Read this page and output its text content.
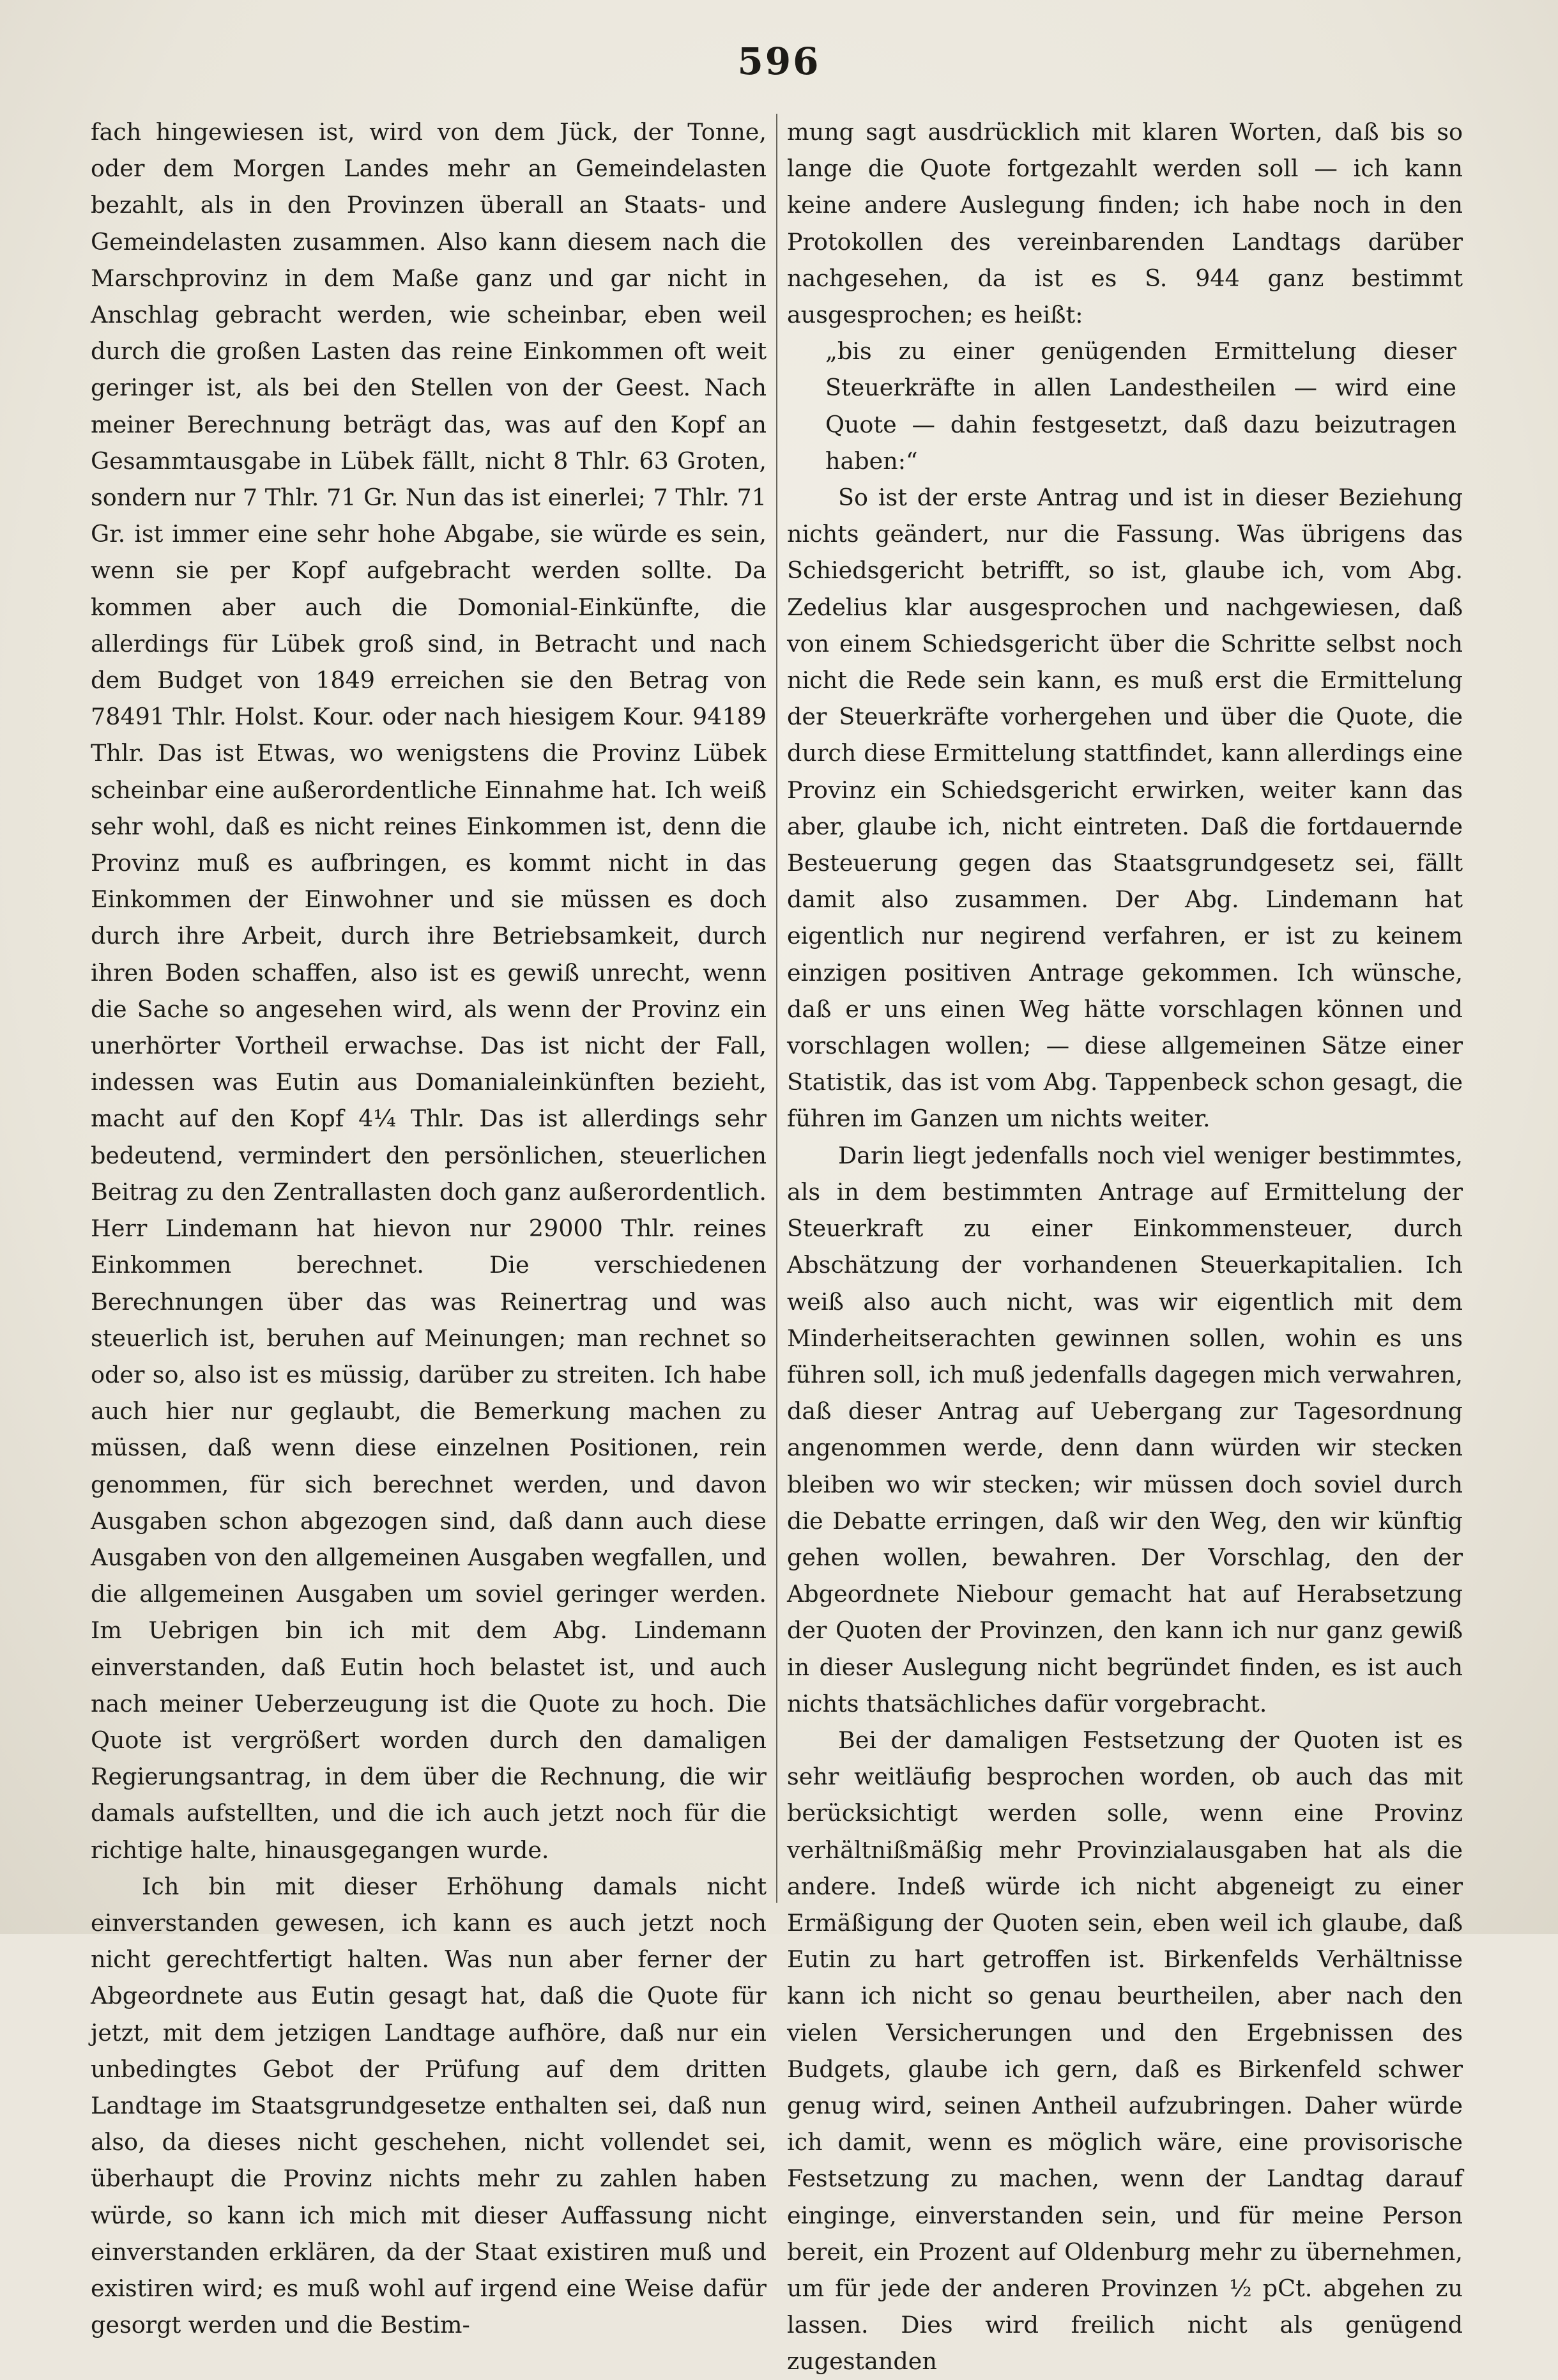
596

fach hingewiesen ist, wird von dem Jück, der Tonne, oder dem Morgen Landes mehr an Gemeindelasten bezahlt, als in den Provinzen überall an Staats- und Gemeindelasten zusammen. Also kann diesem nach die Marschprovinz in dem Maße ganz und gar nicht in Anschlag gebracht werden, wie scheinbar, eben weil durch die großen Lasten das reine Einkommen oft weit geringer ist, als bei den Stellen von der Geest. Nach meiner Berechnung beträgt das, was auf den Kopf an Gesammtausgabe in Lübek fällt, nicht 8 Thlr. 63 Groten, sondern nur 7 Thlr. 71 Gr. Nun das ist einerlei; 7 Thlr. 71 Gr. ist immer eine sehr hohe Abgabe, sie würde es sein, wenn sie per Kopf aufgebracht werden sollte. Da kommen aber auch die Domonial-Einkünfte, die allerdings für Lübek groß sind, in Betracht und nach dem Budget von 1849 erreichen sie den Betrag von 78491 Thlr. Holst. Kour. oder nach hiesigem Kour. 94189 Thlr. Das ist Etwas, wo wenigstens die Provinz Lübek scheinbar eine außerordentliche Einnahme hat. Ich weiß sehr wohl, daß es nicht reines Einkommen ist, denn die Provinz muß es aufbringen, es kommt nicht in das Einkommen der Einwohner und sie müssen es doch durch ihre Arbeit, durch ihre Betriebsamkeit, durch ihren Boden schaffen, also ist es gewiß unrecht, wenn die Sache so angesehen wird, als wenn der Provinz ein unerhörter Vortheil erwachse. Das ist nicht der Fall, indessen was Eutin aus Domanialeinkünften bezieht, macht auf den Kopf 4¼ Thlr. Das ist allerdings sehr bedeutend, vermindert den persönlichen, steuerlichen Beitrag zu den Zentrallasten doch ganz außerordentlich. Herr Lindemann hat hievon nur 29000 Thlr. reines Einkommen berechnet. Die verschiedenen Berechnungen über das was Reinertrag und was steuerlich ist, beruhen auf Meinungen; man rechnet so oder so, also ist es müssig, darüber zu streiten. Ich habe auch hier nur geglaubt, die Bemerkung machen zu müssen, daß wenn diese einzelnen Positionen, rein genommen, für sich berechnet werden, und davon Ausgaben schon abgezogen sind, daß dann auch diese Ausgaben von den allgemeinen Ausgaben wegfallen, und die allgemeinen Ausgaben um soviel geringer werden. Im Uebrigen bin ich mit dem Abg. Lindemann einverstanden, daß Eutin hoch belastet ist, und auch nach meiner Ueberzeugung ist die Quote zu hoch. Die Quote ist vergrößert worden durch den damaligen Regierungsantrag, in dem über die Rechnung, die wir damals aufstellten, und die ich auch jetzt noch für die richtige halte, hinausgegangen wurde.

Ich bin mit dieser Erhöhung damals nicht einverstanden gewesen, ich kann es auch jetzt noch nicht gerechtfertigt halten. Was nun aber ferner der Abgeordnete aus Eutin gesagt hat, daß die Quote für jetzt, mit dem jetzigen Landtage aufhöre, daß nur ein unbedingtes Gebot der Prüfung auf dem dritten Landtage im Staatsgrundgesetze enthalten sei, daß nun also, da dieses nicht geschehen, nicht vollendet sei, überhaupt die Provinz nichts mehr zu zahlen haben würde, so kann ich mich mit dieser Auffassung nicht einverstanden erklären, da der Staat existiren muß und existiren wird; es muß wohl auf irgend eine Weise dafür gesorgt werden und die Bestim-

mung sagt ausdrücklich mit klaren Worten, daß bis so lange die Quote fortgezahlt werden soll — ich kann keine andere Auslegung finden; ich habe noch in den Protokollen des vereinbarenden Landtags darüber nachgesehen, da ist es S. 944 ganz bestimmt ausgesprochen; es heißt:

„bis zu einer genügenden Ermittelung dieser Steuerkräfte in allen Landestheilen — wird eine Quote — dahin festgesetzt, daß dazu beizutragen haben:“

So ist der erste Antrag und ist in dieser Beziehung nichts geändert, nur die Fassung. Was übrigens das Schiedsgericht betrifft, so ist, glaube ich, vom Abg. Zedelius klar ausgesprochen und nachgewiesen, daß von einem Schiedsgericht über die Schritte selbst noch nicht die Rede sein kann, es muß erst die Ermittelung der Steuerkräfte vorhergehen und über die Quote, die durch diese Ermittelung stattfindet, kann allerdings eine Provinz ein Schiedsgericht erwirken, weiter kann das aber, glaube ich, nicht eintreten. Daß die fortdauernde Besteuerung gegen das Staatsgrundgesetz sei, fällt damit also zusammen. Der Abg. Lindemann hat eigentlich nur negirend verfahren, er ist zu keinem einzigen positiven Antrage gekommen. Ich wünsche, daß er uns einen Weg hätte vorschlagen können und vorschlagen wollen; — diese allgemeinen Sätze einer Statistik, das ist vom Abg. Tappenbeck schon gesagt, die führen im Ganzen um nichts weiter.

Darin liegt jedenfalls noch viel weniger bestimmtes, als in dem bestimmten Antrage auf Ermittelung der Steuerkraft zu einer Einkommensteuer, durch Abschätzung der vorhandenen Steuerkapitalien. Ich weiß also auch nicht, was wir eigentlich mit dem Minderheitserachten gewinnen sollen, wohin es uns führen soll, ich muß jedenfalls dagegen mich verwahren, daß dieser Antrag auf Uebergang zur Tagesordnung angenommen werde, denn dann würden wir stecken bleiben wo wir stecken; wir müssen doch soviel durch die Debatte erringen, daß wir den Weg, den wir künftig gehen wollen, bewahren. Der Vorschlag, den der Abgeordnete Niebour gemacht hat auf Herabsetzung der Quoten der Provinzen, den kann ich nur ganz gewiß in dieser Auslegung nicht begründet finden, es ist auch nichts thatsächliches dafür vorgebracht.

Bei der damaligen Festsetzung der Quoten ist es sehr weitläufig besprochen worden, ob auch das mit berücksichtigt werden solle, wenn eine Provinz verhältnißmäßig mehr Provinzialausgaben hat als die andere. Indeß würde ich nicht abgeneigt zu einer Ermäßigung der Quoten sein, eben weil ich glaube, daß Eutin zu hart getroffen ist. Birkenfelds Verhältnisse kann ich nicht so genau beurtheilen, aber nach den vielen Versicherungen und den Ergebnissen des Budgets, glaube ich gern, daß es Birkenfeld schwer genug wird, seinen Antheil aufzubringen. Daher würde ich damit, wenn es möglich wäre, eine provisorische Festsetzung zu machen, wenn der Landtag darauf einginge, einverstanden sein, und für meine Person bereit, ein Prozent auf Oldenburg mehr zu übernehmen, um für jede der anderen Provinzen ½ pCt. abgehen zu lassen. Dies wird freilich nicht als genügend zugestanden
